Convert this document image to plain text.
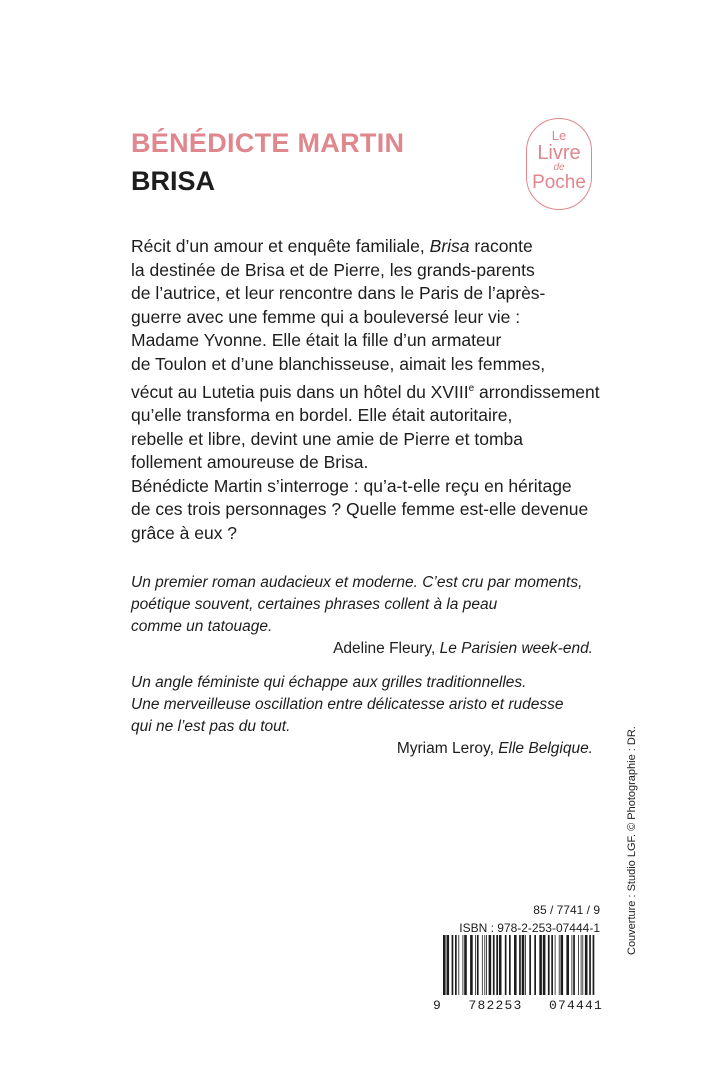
BÉNÉDICTE MARTIN
BRISA
Le
Livre
de
Poche

Récit d’un amour et enquête familiale, Brisa raconte
la destinée de Brisa et de Pierre, les grands-parents
de l’autrice, et leur rencontre dans le Paris de l’après-
guerre avec une femme qui a bouleversé leur vie :
Madame Yvonne. Elle était la fille d’un armateur
de Toulon et d’une blanchisseuse, aimait les femmes,
vécut au Lutetia puis dans un hôtel du XVIIIe arrondissement
qu’elle transforma en bordel. Elle était autoritaire,
rebelle et libre, devint une amie de Pierre et tomba
follement amoureuse de Brisa.
Bénédicte Martin s’interroge : qu’a-t-elle reçu en héritage
de ces trois personnages ? Quelle femme est-elle devenue
grâce à eux ?

Un premier roman audacieux et moderne. C’est cru par moments,
poétique souvent, certaines phrases collent à la peau
comme un tatouage.
Adeline Fleury, Le Parisien week-end.
Un angle féministe qui échappe aux grilles traditionnelles.
Une merveilleuse oscillation entre délicatesse aristo et rudesse
qui ne l’est pas du tout.
Myriam Leroy, Elle Belgique.	Couverture : Studio LGF. © Photographie : DR.
85 / 7741 / 9
ISBN : 978-2-253-07444-1
9 782253 074441
